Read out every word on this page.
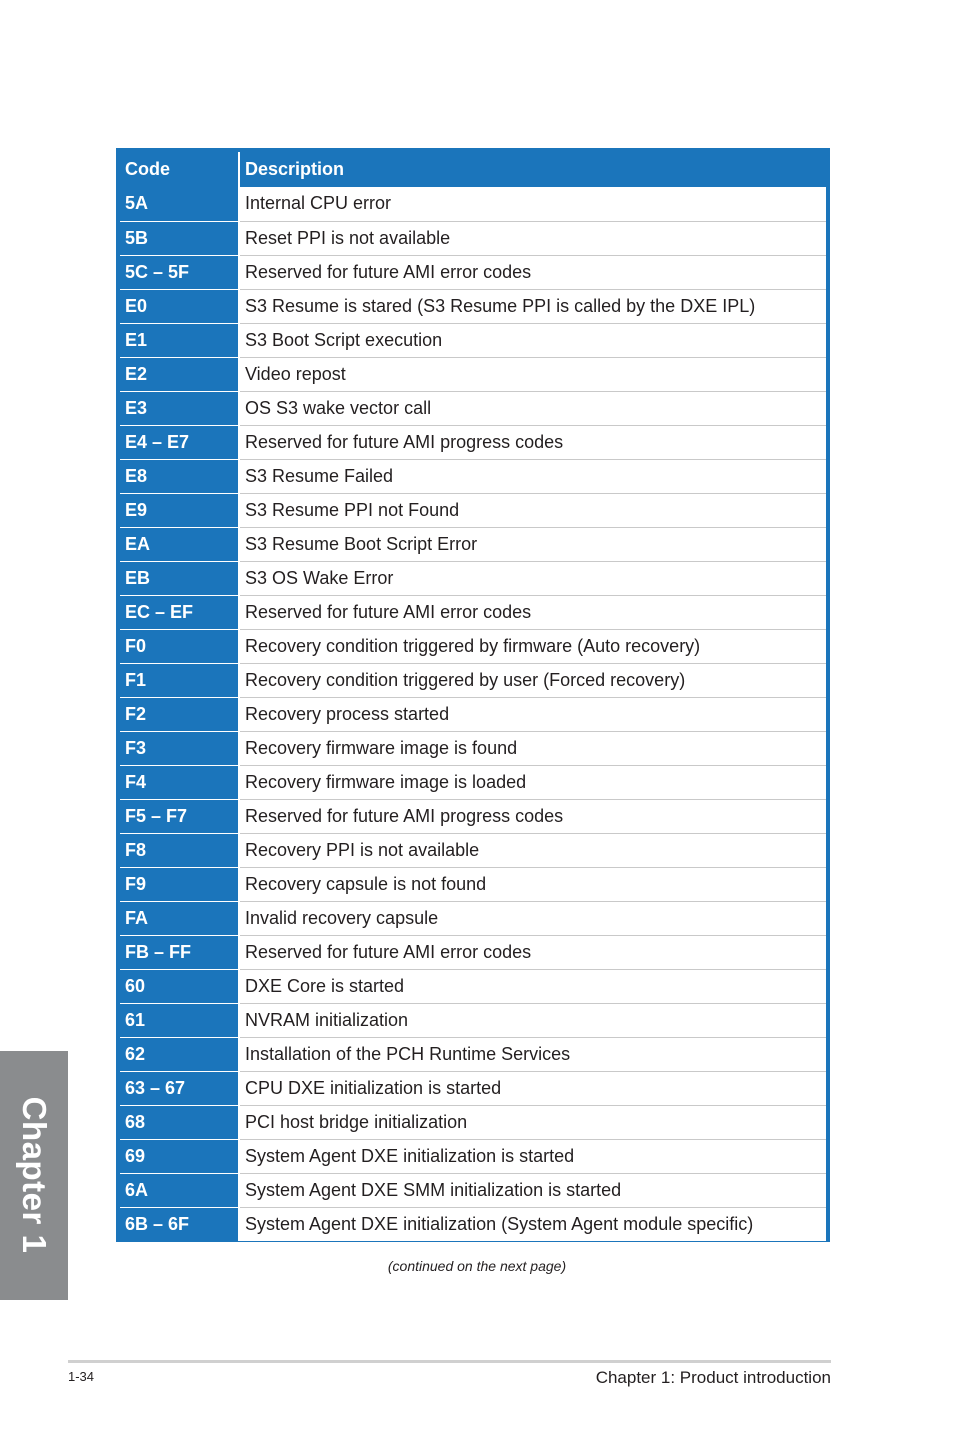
Code		Description
5A		Internal CPU error
5B		Reset PPI is not available
5C – 5F		Reserved for future AMI error codes
E0		S3 Resume is stared (S3 Resume PPI is called by the DXE IPL)
E1		S3 Boot Script execution
E2		Video repost
E3		OS S3 wake vector call
E4 – E7		Reserved for future AMI progress codes
E8		S3 Resume Failed
E9		S3 Resume PPI not Found
EA		S3 Resume Boot Script Error
EB		S3 OS Wake Error
EC – EF		Reserved for future AMI error codes
F0		Recovery condition triggered by firmware (Auto recovery)
F1		Recovery condition triggered by user (Forced recovery)
F2		Recovery process started
F3		Recovery firmware image is found
F4		Recovery firmware image is loaded
F5 – F7		Reserved for future AMI progress codes
F8		Recovery PPI is not available
F9		Recovery capsule is not found
FA		Invalid recovery capsule
FB – FF		Reserved for future AMI error codes
60		DXE Core is started
61		NVRAM initialization
62		Installation of the PCH Runtime Services
63 – 67		CPU DXE initialization is started
68		PCI host bridge initialization
69		System Agent DXE initialization is started
6A		System Agent DXE SMM initialization is started
6B – 6F		System Agent DXE initialization (System Agent module specific)
(continued on the next page)
Chapter 1
1-34	Chapter 1: Product introduction
